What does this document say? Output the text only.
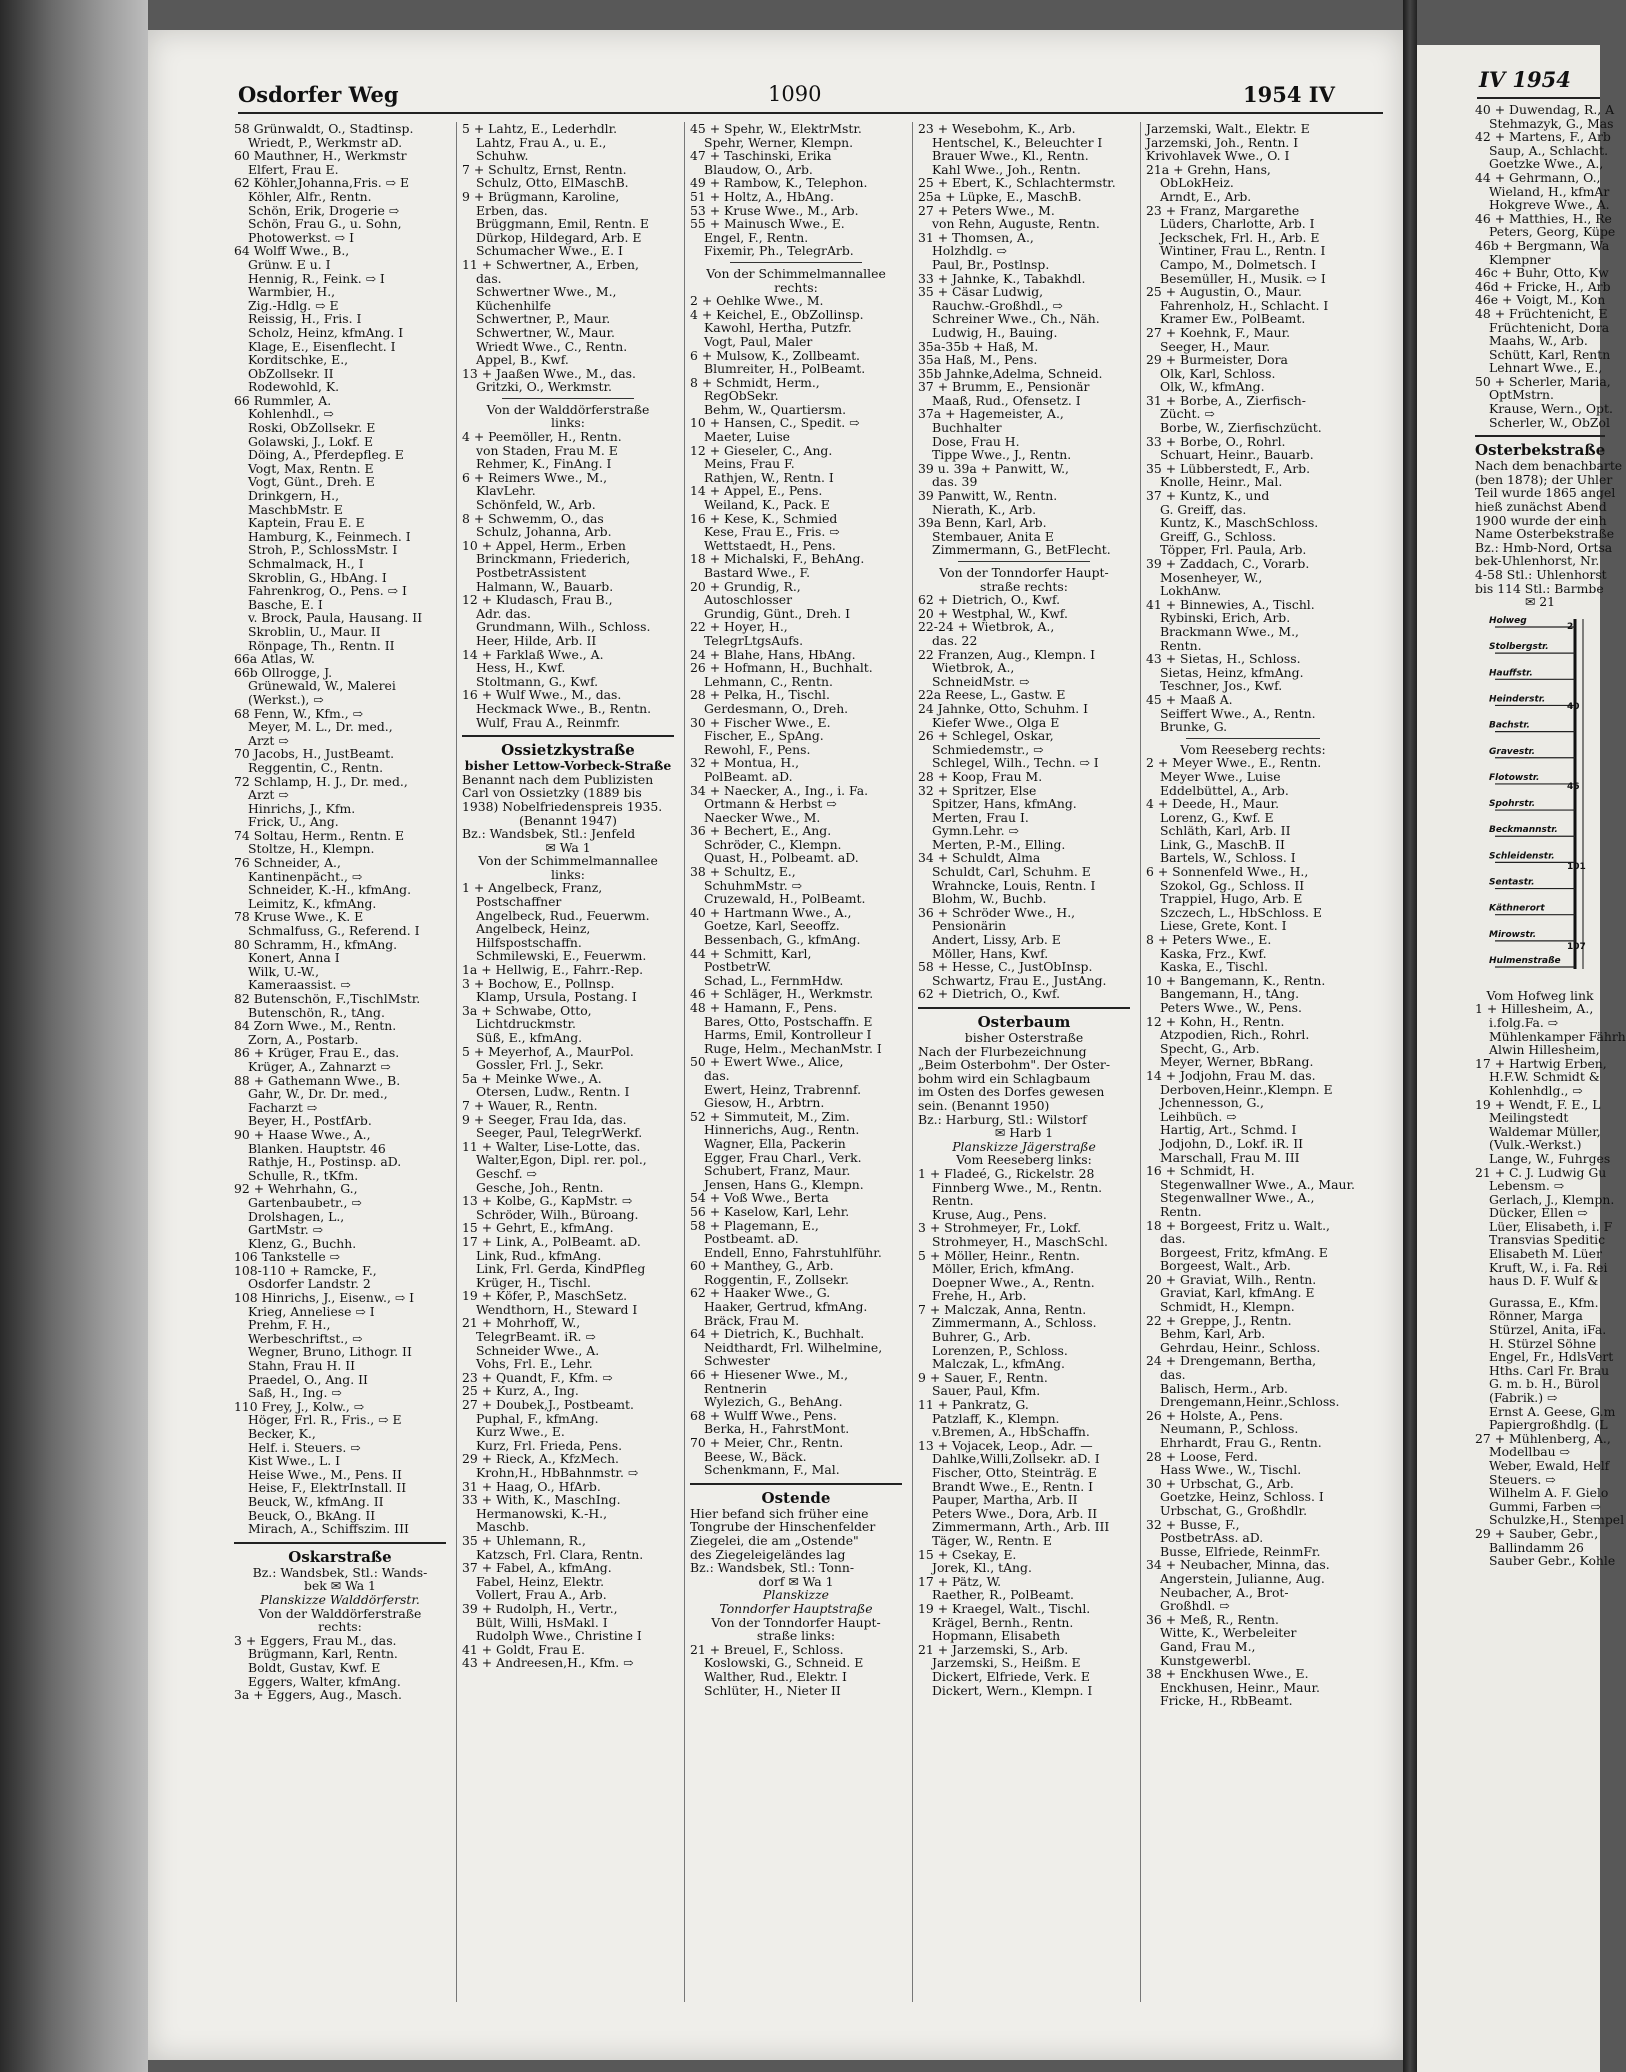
Osdorfer Weg	1090	1954 IV
58 Grünwaldt, O., Stadtinsp.
Wriedt, P., Werkmstr aD.
60 Mauthner, H., Werkmstr
Elfert, Frau E.
62 Köhler,Johanna,Fris. ⇨ E
Köhler, Alfr., Rentn.
Schön, Erik, Drogerie ⇨
Schön, Frau G., u. Sohn,
Photowerkst. ⇨ I
64 Wolff Wwe., B.,
Grünw. E u. I
Hennig, R., Feink. ⇨ I
Warmbier, H.,
Zig.-Hdlg. ⇨ E
Reissig, H., Fris. I
Scholz, Heinz, kfmAng. I
Klage, E., Eisenflecht. I
Korditschke, E.,
ObZollsekr. II
Rodewohld, K.
66 Rummler, A.
Kohlenhdl., ⇨
Roski, ObZollsekr. E
Golawski, J., Lokf. E
Döing, A., Pferdepfleg. E
Vogt, Max, Rentn. E
Vogt, Günt., Dreh. E
Drinkgern, H.,
MaschbMstr. E
Kaptein, Frau E. E
Hamburg, K., Feinmech. I
Stroh, P., SchlossMstr. I
Schmalmack, H., I
Skroblin, G., HbAng. I
Fahrenkrog, O., Pens. ⇨ I
Basche, E. I
v. Brock, Paula, Hausang. II
Skroblin, U., Maur. II
Rönpage, Th., Rentn. II
66a Atlas, W.
66b Ollrogge, J.
Grünewald, W., Malerei
(Werkst.), ⇨
68 Fenn, W., Kfm., ⇨
Meyer, M. L., Dr. med.,
Arzt ⇨
70 Jacobs, H., JustBeamt.
Reggentin, C., Rentn.
72 Schlamp, H. J., Dr. med.,
Arzt ⇨
Hinrichs, J., Kfm.
Frick, U., Ang.
74 Soltau, Herm., Rentn. E
Stoltze, H., Klempn.
76 Schneider, A.,
Kantinenpächt., ⇨
Schneider, K.-H., kfmAng.
Leimitz, K., kfmAng.
78 Kruse Wwe., K. E
Schmalfuss, G., Referend. I
80 Schramm, H., kfmAng.
Konert, Anna I
Wilk, U.-W.,
Kameraassist. ⇨
82 Butenschön, F.,TischlMstr.
Butenschön, R., tAng.
84 Zorn Wwe., M., Rentn.
Zorn, A., Postarb.
86 + Krüger, Frau E., das.
Krüger, A., Zahnarzt ⇨
88 + Gathemann Wwe., B.
Gahr, W., Dr. Dr. med.,
Facharzt ⇨
Beyer, H., PostfArb.
90 + Haase Wwe., A.,
Blanken. Hauptstr. 46
Rathje, H., Postinsp. aD.
Schulle, R., tKfm.
92 + Wehrhahn, G.,
Gartenbaubetr., ⇨
Drolshagen, L.,
GartMstr. ⇨
Klenz, G., Buchh.
106 Tankstelle ⇨
108-110 + Ramcke, F.,
Osdorfer Landstr. 2
108 Hinrichs, J., Eisenw., ⇨ I
Krieg, Anneliese ⇨ I
Prehm, F. H.,
Werbeschriftst., ⇨
Wegner, Bruno, Lithogr. II
Stahn, Frau H. II
Praedel, O., Ang. II
Saß, H., Ing. ⇨
110 Frey, J., Kolw., ⇨
Höger, Frl. R., Fris., ⇨ E
Becker, K.,
Helf. i. Steuers. ⇨
Kist Wwe., L. I
Heise Wwe., M., Pens. II
Heise, F., ElektrInstall. II
Beuck, W., kfmAng. II
Beuck, O., BkAng. II
Mirach, A., Schiffszim. III
Oskarstraße
Bz.: Wandsbek, Stl.: Wands-
bek ✉ Wa 1
Planskizze Walddörferstr.
Von der Walddörferstraße
rechts:
3 + Eggers, Frau M., das.
Brügmann, Karl, Rentn.
Boldt, Gustav, Kwf. E
Eggers, Walter, kfmAng.
3a + Eggers, Aug., Masch.
5 + Lahtz, E., Lederhdlr.
Lahtz, Frau A., u. E.,
Schuhw.
7 + Schultz, Ernst, Rentn.
Schulz, Otto, ElMaschB.
9 + Brügmann, Karoline,
Erben, das.
Brüggmann, Emil, Rentn. E
Dürkop, Hildegard, Arb. E
Schumacher Wwe., E. I
11 + Schwertner, A., Erben,
das.
Schwertner Wwe., M.,
Küchenhilfe
Schwertner, P., Maur.
Schwertner, W., Maur.
Wriedt Wwe., C., Rentn.
Appel, B., Kwf.
13 + Jaaßen Wwe., M., das.
Gritzki, O., Werkmstr.
Von der Walddörferstraße
links:
4 + Peemöller, H., Rentn.
von Staden, Frau M. E
Rehmer, K., FinAng. I
6 + Reimers Wwe., M.,
KlavLehr.
Schönfeld, W., Arb.
8 + Schwemm, O., das
Schulz, Johanna, Arb.
10 + Appel, Herm., Erben
Brinckmann, Friederich,
PostbetrAssistent
Halmann, W., Bauarb.
12 + Kludasch, Frau B.,
Adr. das.
Grundmann, Wilh., Schloss.
Heer, Hilde, Arb. II
14 + Farklaß Wwe., A.
Hess, H., Kwf.
Stoltmann, G., Kwf.
16 + Wulf Wwe., M., das.
Heckmack Wwe., B., Rentn.
Wulf, Frau A., Reinmfr.
Ossietzkystraße
bisher Lettow-Vorbeck-Straße
Benannt nach dem Publizisten
Carl von Ossietzky (1889 bis
1938) Nobelfriedenspreis 1935.
(Benannt 1947)
Bz.: Wandsbek, Stl.: Jenfeld
✉ Wa 1
Von der Schimmelmannallee
links:
1 + Angelbeck, Franz,
Postschaffner
Angelbeck, Rud., Feuerwm.
Angelbeck, Heinz,
Hilfspostschaffn.
Schmilewski, E., Feuerwm.
1a + Hellwig, E., Fahrr.-Rep.
3 + Bochow, E., Pollnsp.
Klamp, Ursula, Postang. I
3a + Schwabe, Otto,
Lichtdruckmstr.
Süß, E., kfmAng.
5 + Meyerhof, A., MaurPol.
Gossler, Frl. J., Sekr.
5a + Meinke Wwe., A.
Otersen, Ludw., Rentn. I
7 + Wauer, R., Rentn.
9 + Seeger, Frau Ida, das.
Seeger, Paul, TelegrWerkf.
11 + Walter, Lise-Lotte, das.
Walter,Egon, Dipl. rer. pol.,
Geschf. ⇨
Gesche, Joh., Rentn.
13 + Kolbe, G., KapMstr. ⇨
Schröder, Wilh., Büroang.
15 + Gehrt, E., kfmAng.
17 + Link, A., PolBeamt. aD.
Link, Rud., kfmAng.
Link, Frl. Gerda, KindPfleg
Krüger, H., Tischl.
19 + Köfer, P., MaschSetz.
Wendthorn, H., Steward I
21 + Mohrhoff, W.,
TelegrBeamt. iR. ⇨
Schneider Wwe., A.
Vohs, Frl. E., Lehr.
23 + Quandt, F., Kfm. ⇨
25 + Kurz, A., Ing.
27 + Doubek,J., Postbeamt.
Puphal, F., kfmAng.
Kurz Wwe., E.
Kurz, Frl. Frieda, Pens.
29 + Rieck, A., KfzMech.
Krohn,H., HbBahnmstr. ⇨
31 + Haag, O., HfArb.
33 + With, K., MaschIng.
Hermanowski, K.-H.,
Maschb.
35 + Uhlemann, R.,
Katzsch, Frl. Clara, Rentn.
37 + Fabel, A., kfmAng.
Fabel, Heinz, Elektr.
Vollert, Frau A., Arb.
39 + Rudolph, H., Vertr.,
Bült, Willi, HsMakl. I
Rudolph Wwe., Christine I
41 + Goldt, Frau E.
43 + Andreesen,H., Kfm. ⇨
45 + Spehr, W., ElektrMstr.
Spehr, Werner, Klempn.
47 + Taschinski, Erika
Blaudow, O., Arb.
49 + Rambow, K., Telephon.
51 + Holtz, A., HbAng.
53 + Kruse Wwe., M., Arb.
55 + Mainusch Wwe., E.
Engel, F., Rentn.
Fixemir, Ph., TelegrArb.
Von der Schimmelmannallee
rechts:
2 + Oehlke Wwe., M.
4 + Keichel, E., ObZollinsp.
Kawohl, Hertha, Putzfr.
Vogt, Paul, Maler
6 + Mulsow, K., Zollbeamt.
Blumreiter, H., PolBeamt.
8 + Schmidt, Herm.,
RegObSekr.
Behm, W., Quartiersm.
10 + Hansen, C., Spedit. ⇨
Maeter, Luise
12 + Gieseler, C., Ang.
Meins, Frau F.
Rathjen, W., Rentn. I
14 + Appel, E., Pens.
Weiland, K., Pack. E
16 + Kese, K., Schmied
Kese, Frau E., Fris. ⇨
Wettstaedt, H., Pens.
18 + Michalski, F., BehAng.
Bastard Wwe., F.
20 + Grundig, R.,
Autoschlosser
Grundig, Günt., Dreh. I
22 + Hoyer, H.,
TelegrLtgsAufs.
24 + Blahe, Hans, HbAng.
26 + Hofmann, H., Buchhalt.
Lehmann, C., Rentn.
28 + Pelka, H., Tischl.
Gerdesmann, O., Dreh.
30 + Fischer Wwe., E.
Fischer, E., SpAng.
Rewohl, F., Pens.
32 + Montua, H.,
PolBeamt. aD.
34 + Naecker, A., Ing., i. Fa.
Ortmann & Herbst ⇨
Naecker Wwe., M.
36 + Bechert, E., Ang.
Schröder, C., Klempn.
Quast, H., Polbeamt. aD.
38 + Schultz, E.,
SchuhmMstr. ⇨
Cruzewald, H., PolBeamt.
40 + Hartmann Wwe., A.,
Goetze, Karl, Seeoffz.
Bessenbach, G., kfmAng.
44 + Schmitt, Karl,
PostbetrW.
Schad, L., FernmHdw.
46 + Schläger, H., Werkmstr.
48 + Hamann, F., Pens.
Bares, Otto, Postschaffn. E
Harms, Emil, Kontrolleur I
Ruge, Helm., MechanMstr. I
50 + Ewert Wwe., Alice,
das.
Ewert, Heinz, Trabrennf.
Giesow, H., Arbtrn.
52 + Simmuteit, M., Zim.
Hinnerichs, Aug., Rentn.
Wagner, Ella, Packerin
Egger, Frau Charl., Verk.
Schubert, Franz, Maur.
Jensen, Hans G., Klempn.
54 + Voß Wwe., Berta
56 + Kaselow, Karl, Lehr.
58 + Plagemann, E.,
Postbeamt. aD.
Endell, Enno, Fahrstuhlführ.
60 + Manthey, G., Arb.
Roggentin, F., Zollsekr.
62 + Haaker Wwe., G.
Haaker, Gertrud, kfmAng.
Bräck, Frau M.
64 + Dietrich, K., Buchhalt.
Neidthardt, Frl. Wilhelmine,
Schwester
66 + Hiesener Wwe., M.,
Rentnerin
Wylezich, G., BehAng.
68 + Wulff Wwe., Pens.
Berka, H., FahrstMont.
70 + Meier, Chr., Rentn.
Beese, W., Bäck.
Schenkmann, F., Mal.
Ostende
Hier befand sich früher eine
Tongrube der Hinschenfelder
Ziegelei, die am „Ostende"
des Ziegeleigeländes lag
Bz.: Wandsbek, Stl.: Tonn-
dorf ✉ Wa 1
Planskizze
Tonndorfer Hauptstraße
Von der Tonndorfer Haupt-
straße links:
21 + Breuel, F., Schloss.
Koslowski, G., Schneid. E
Walther, Rud., Elektr. I
Schlüter, H., Nieter II
23 + Wesebohm, K., Arb.
Hentschel, K., Beleuchter I
Brauer Wwe., Kl., Rentn.
Kahl Wwe., Joh., Rentn.
25 + Ebert, K., Schlachtermstr.
25a + Lüpke, E., MaschB.
27 + Peters Wwe., M.
von Rehn, Auguste, Rentn.
31 + Thomsen, A.,
Holzhdlg. ⇨
Paul, Br., Postlnsp.
33 + Jahnke, K., Tabakhdl.
35 + Cäsar Ludwig,
Rauchw.-Großhdl., ⇨
Schreiner Wwe., Ch., Näh.
Ludwig, H., Bauing.
35a-35b + Haß, M.
35a Haß, M., Pens.
35b Jahnke,Adelma, Schneid.
37 + Brumm, E., Pensionär
Maaß, Rud., Ofensetz. I
37a + Hagemeister, A.,
Buchhalter
Dose, Frau H.
Tippe Wwe., J., Rentn.
39 u. 39a + Panwitt, W.,
das. 39
39 Panwitt, W., Rentn.
Nierath, K., Arb.
39a Benn, Karl, Arb.
Stembauer, Anita E
Zimmermann, G., BetFlecht.
Von der Tonndorfer Haupt-
straße rechts:
62 + Dietrich, O., Kwf.
20 + Westphal, W., Kwf.
22-24 + Wietbrok, A.,
das. 22
22 Franzen, Aug., Klempn. I
Wietbrok, A.,
SchneidMstr. ⇨
22a Reese, L., Gastw. E
24 Jahnke, Otto, Schuhm. I
Kiefer Wwe., Olga E
26 + Schlegel, Oskar,
Schmiedemstr., ⇨
Schlegel, Wilh., Techn. ⇨ I
28 + Koop, Frau M.
32 + Spritzer, Else
Spitzer, Hans, kfmAng.
Merten, Frau I.
Gymn.Lehr. ⇨
Merten, P.-M., Elling.
34 + Schuldt, Alma
Schuldt, Carl, Schuhm. E
Wrahncke, Louis, Rentn. I
Blohm, W., Buchb.
36 + Schröder Wwe., H.,
Pensionärin
Andert, Lissy, Arb. E
Möller, Hans, Kwf.
58 + Hesse, C., JustObInsp.
Schwartz, Frau E., JustAng.
62 + Dietrich, O., Kwf.
Osterbaum
bisher Osterstraße
Nach der Flurbezeichnung
„Beim Osterbohm". Der Oster-
bohm wird ein Schlagbaum
im Osten des Dorfes gewesen
sein. (Benannt 1950)
Bz.: Harburg, Stl.: Wilstorf
✉ Harb 1
Planskizze Jägerstraße
Vom Reeseberg links:
1 + Fladeé, G., Rickelstr. 28
Finnberg Wwe., M., Rentn.
Rentn.
Kruse, Aug., Pens.
3 + Strohmeyer, Fr., Lokf.
Strohmeyer, H., MaschSchl.
5 + Möller, Heinr., Rentn.
Möller, Erich, kfmAng.
Doepner Wwe., A., Rentn.
Frehe, H., Arb.
7 + Malczak, Anna, Rentn.
Zimmermann, A., Schloss.
Buhrer, G., Arb.
Lorenzen, P., Schloss.
Malczak, L., kfmAng.
9 + Sauer, F., Rentn.
Sauer, Paul, Kfm.
11 + Pankratz, G.
Patzlaff, K., Klempn.
v.Bremen, A., HbSchaffn.
13 + Vojacek, Leop., Adr. —
Dahlke,Willi,Zollsekr. aD. I
Fischer, Otto, Steinträg. E
Brandt Wwe., E., Rentn. I
Pauper, Martha, Arb. II
Peters Wwe., Dora, Arb. II
Zimmermann, Arth., Arb. III
Täger, W., Rentn. E
15 + Csekay, E.
Jorek, Kl., tAng.
17 + Pätz, W.
Raether, R., PolBeamt.
19 + Kraegel, Walt., Tischl.
Krägel, Bernh., Rentn.
Hopmann, Elisabeth
21 + Jarzemski, S., Arb.
Jarzemski, S., Heißm. E
Dickert, Elfriede, Verk. E
Dickert, Wern., Klempn. I
Jarzemski, Walt., Elektr. E
Jarzemski, Joh., Rentn. I
Krivohlavek Wwe., O. I
21a + Grehn, Hans,
ObLokHeiz.
Arndt, E., Arb.
23 + Franz, Margarethe
Lüders, Charlotte, Arb. I
Jeckschek, Frl. H., Arb. E
Wintiner, Frau L., Rentn. I
Campo, M., Dolmetsch. I
Besemüller, H., Musik. ⇨ I
25 + Augustin, O., Maur.
Fahrenholz, H., Schlacht. I
Kramer Ew., PolBeamt.
27 + Koehnk, F., Maur.
Seeger, H., Maur.
29 + Burmeister, Dora
Olk, Karl, Schloss.
Olk, W., kfmAng.
31 + Borbe, A., Zierfisch-
Zücht. ⇨
Borbe, W., Zierfischzücht.
33 + Borbe, O., Rohrl.
Schuart, Heinr., Bauarb.
35 + Lübberstedt, F., Arb.
Knolle, Heinr., Mal.
37 + Kuntz, K., und
G. Greiff, das.
Kuntz, K., MaschSchloss.
Greiff, G., Schloss.
Töpper, Frl. Paula, Arb.
39 + Zaddach, C., Vorarb.
Mosenheyer, W.,
LokhAnw.
41 + Binnewies, A., Tischl.
Rybinski, Erich, Arb.
Brackmann Wwe., M.,
Rentn.
43 + Sietas, H., Schloss.
Sietas, Heinz, kfmAng.
Teschner, Jos., Kwf.
45 + Maaß A.
Seiffert Wwe., A., Rentn.
Brunke, G.
Vom Reeseberg rechts:
2 + Meyer Wwe., E., Rentn.
Meyer Wwe., Luise
Eddelbüttel, A., Arb.
4 + Deede, H., Maur.
Lorenz, G., Kwf. E
Schläth, Karl, Arb. II
Link, G., MaschB. II
Bartels, W., Schloss. I
6 + Sonnenfeld Wwe., H.,
Szokol, Gg., Schloss. II
Trappiel, Hugo, Arb. E
Szczech, L., HbSchloss. E
Liese, Grete, Kont. I
8 + Peters Wwe., E.
Kaska, Frz., Kwf.
Kaska, E., Tischl.
10 + Bangemann, K., Rentn.
Bangemann, H., tAng.
Peters Wwe., W., Pens.
12 + Kohn, H., Rentn.
Atzpodien, Rich., Rohrl.
Specht, G., Arb.
Meyer, Werner, BbRang.
14 + Jodjohn, Frau M. das.
Derboven,Heinr.,Klempn. E
Jchennesson, G.,
Leihbüch. ⇨
Hartig, Art., Schmd. I
Jodjohn, D., Lokf. iR. II
Marschall, Frau M. III
16 + Schmidt, H.
Stegenwallner Wwe., A., Maur.
Stegenwallner Wwe., A.,
Rentn.
18 + Borgeest, Fritz u. Walt.,
das.
Borgeest, Fritz, kfmAng. E
Borgeest, Walt., Arb.
20 + Graviat, Wilh., Rentn.
Graviat, Karl, kfmAng. E
Schmidt, H., Klempn.
22 + Greppe, J., Rentn.
Behm, Karl, Arb.
Gehrdau, Heinr., Schloss.
24 + Drengemann, Bertha,
das.
Balisch, Herm., Arb.
Drengemann,Heinr.,Schloss.
26 + Holste, A., Pens.
Neumann, P., Schloss.
Ehrhardt, Frau G., Rentn.
28 + Loose, Ferd.
Hass Wwe., W., Tischl.
30 + Urbschat, G., Arb.
Goetzke, Heinz, Schloss. I
Urbschat, G., Großhdlr.
32 + Busse, F.,
PostbetrAss. aD.
Busse, Elfriede, ReinmFr.
34 + Neubacher, Minna, das.
Angerstein, Julianne, Aug.
Neubacher, A., Brot-
Großhdl. ⇨
36 + Meß, R., Rentn.
Witte, K., Werbeleiter
Gand, Frau M.,
Kunstgewerbl.
38 + Enckhusen Wwe., E.
Enckhusen, Heinr., Maur.
Fricke, H., RbBeamt.
IV 1954
40 + Duwendag, R., A
Stehmazyk, G., Mas
42 + Martens, F., Arb
Saup, A., Schlacht.
Goetzke Wwe., A.,
44 + Gehrmann, O.,
Wieland, H., kfmAr
Hokgreve Wwe., A.
46 + Matthies, H., Re
Peters, Georg, Küpe
46b + Bergmann, Wa
Klempner
46c + Buhr, Otto, Kw
46d + Fricke, H., Arb
46e + Voigt, M., Kon
48 + Früchtenicht, E
Früchtenicht, Dora
Maahs, W., Arb.
Schütt, Karl, Rentn
Lehnart Wwe., E.,
50 + Scherler, Maria,
OptMstrn.
Krause, Wern., Opt.
Scherler, W., ObZol
Osterbekstraße
Nach dem benachbarte
(ben 1878); der Uhler
Teil wurde 1865 angel
hieß zunächst Abend
1900 wurde der einh
Name Osterbekstraße
Bz.: Hmb-Nord, Ortsa
bek-Uhlenhorst, Nr.
4-58 Stl.: Uhlenhorst
bis 114 Stl.: Barmbe
✉ 21
Holweg
Stolbergstr.
Hauffstr.
Heinderstr.
Bachstr.
Gravestr.
Flotowstr.
Spohrstr.
Beckmannstr.
Schleidenstr.
Sentastr.
Käthnerort
Mirowstr.
Hulmenstraße
2
40
46
101
107
Vom Hofweg link
1 + Hillesheim, A.,
i.folg.Fa. ⇨
Mühlenkamper Fährh
Alwin Hillesheim,
17 + Hartwig Erben,
H.F.W. Schmidt &
Kohlenhdlg., ⇨
19 + Wendt, F. E., L
Meilingstedt
Waldemar Müller,
(Vulk.-Werkst.)
Lange, W., Fuhrges
21 + C. J. Ludwig Gu
Lebensm. ⇨
Gerlach, J., Klempn.
Dücker, Ellen ⇨
Lüer, Elisabeth, i. F
Transvias Speditic
Elisabeth M. Lüer
Kruft, W., i. Fa. Rei
haus D. F. Wulf &
Gurassa, E., Kfm.
Rönner, Marga
Stürzel, Anita, iFa.
H. Stürzel Söhne
Engel, Fr., HdlsVert
Hths. Carl Fr. Brau
G. m. b. H., Bürol
(Fabrik.) ⇨
Ernst A. Geese, G.m
Papiergroßhdlg. (L
27 + Mühlenberg, A.,
Modellbau ⇨
Weber, Ewald, Helf
Steuers. ⇨
Wilhelm A. F. Gielo
Gummi, Farben ⇨
Schulzke,H., Stempel
29 + Sauber, Gebr.,
Ballindamm 26
Sauber Gebr., Kohle
